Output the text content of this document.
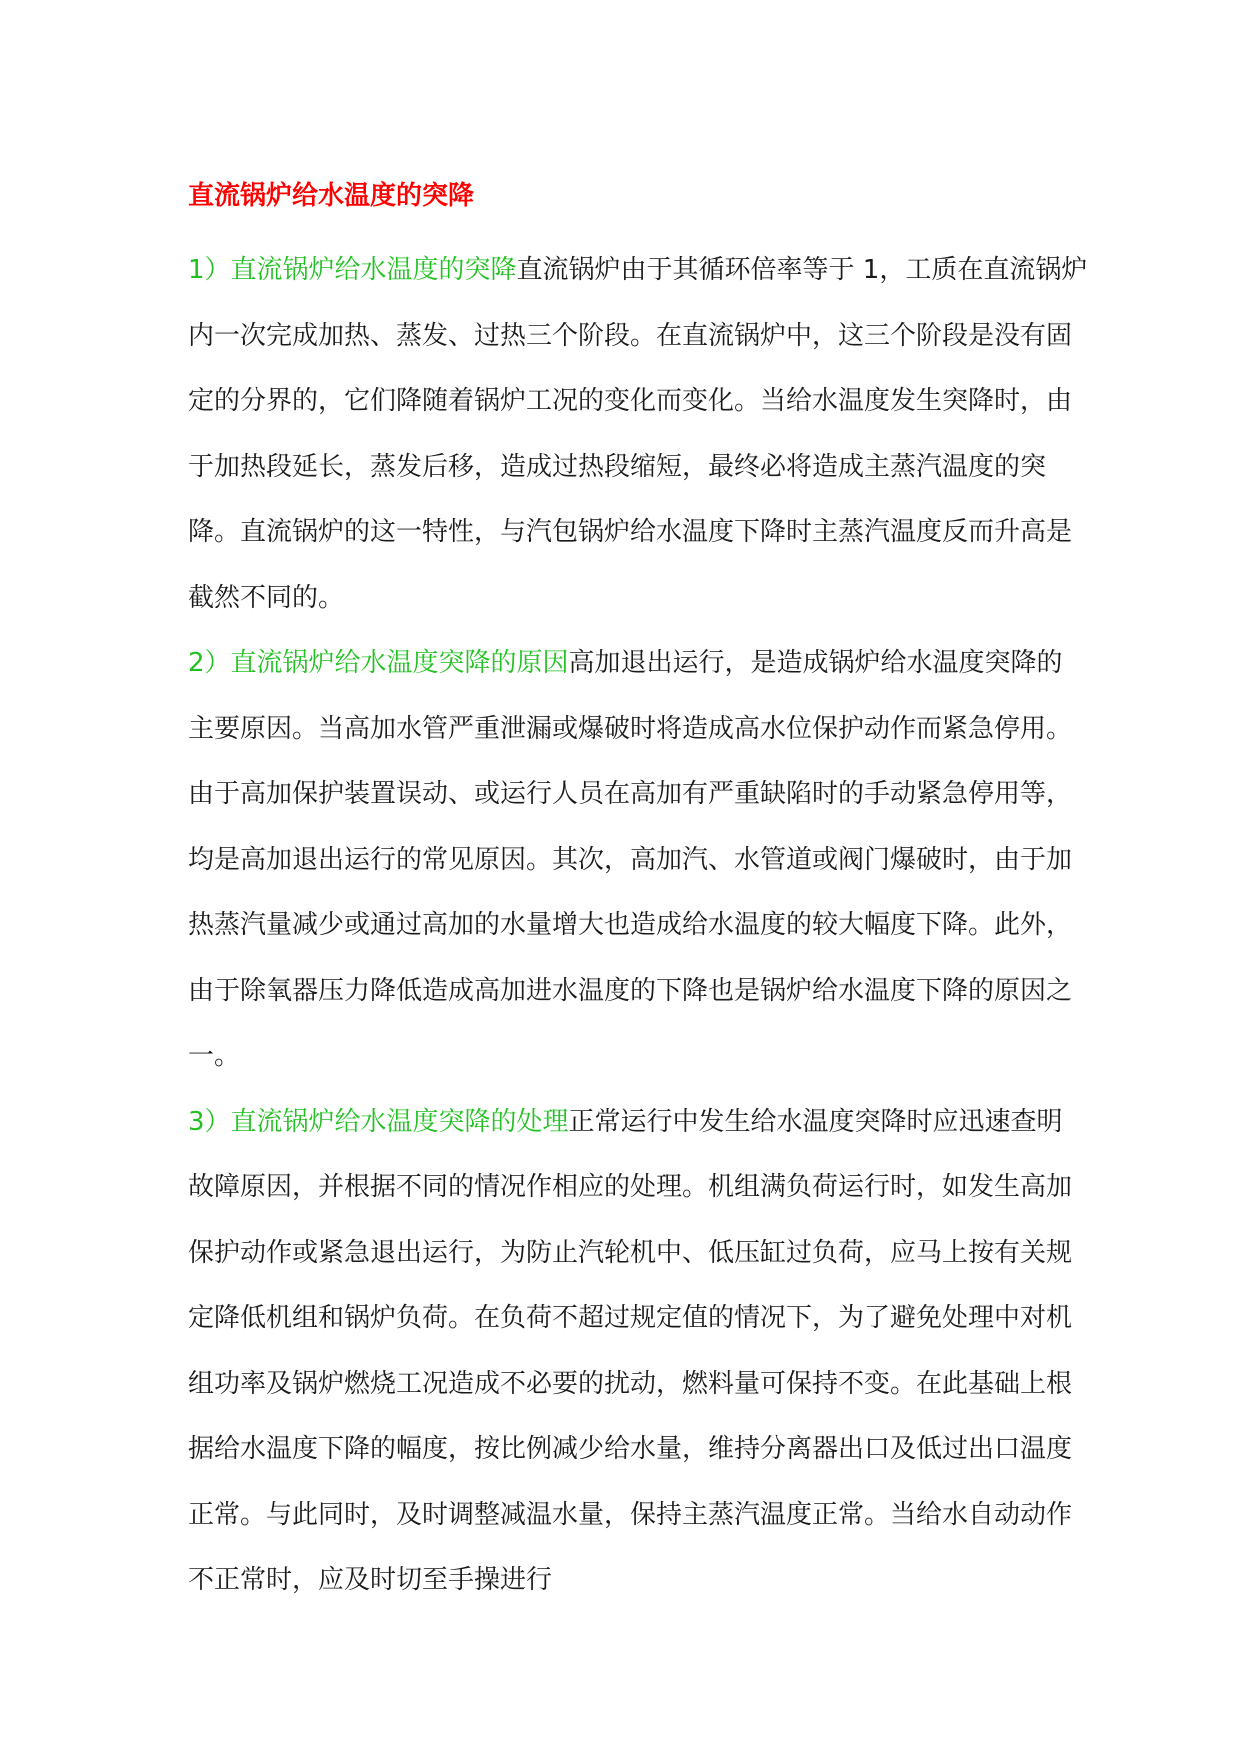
直流锅炉给水温度的突降

1）直流锅炉给水温度的突降直流锅炉由于其循环倍率等于 1，工质在直流锅炉内一次完成加热、蒸发、过热三个阶段。在直流锅炉中，这三个阶段是没有固定的分界的，它们降随着锅炉工况的变化而变化。当给水温度发生突降时，由于加热段延长，蒸发后移，造成过热段缩短，最终必将造成主蒸汽温度的突降。直流锅炉的这一特性，与汽包锅炉给水温度下降时主蒸汽温度反而升高是截然不同的。

2）直流锅炉给水温度突降的原因高加退出运行，是造成锅炉给水温度突降的主要原因。当高加水管严重泄漏或爆破时将造成高水位保护动作而紧急停用。由于高加保护装置误动、或运行人员在高加有严重缺陷时的手动紧急停用等，均是高加退出运行的常见原因。其次，高加汽、水管道或阀门爆破时，由于加热蒸汽量减少或通过高加的水量增大也造成给水温度的较大幅度下降。此外，由于除氧器压力降低造成高加进水温度的下降也是锅炉给水温度下降的原因之一。

3）直流锅炉给水温度突降的处理正常运行中发生给水温度突降时应迅速查明故障原因，并根据不同的情况作相应的处理。机组满负荷运行时，如发生高加保护动作或紧急退出运行，为防止汽轮机中、低压缸过负荷，应马上按有关规定降低机组和锅炉负荷。在负荷不超过规定值的情况下，为了避免处理中对机组功率及锅炉燃烧工况造成不必要的扰动，燃料量可保持不变。在此基础上根据给水温度下降的幅度，按比例减少给水量，维持分离器出口及低过出口温度正常。与此同时，及时调整减温水量，保持主蒸汽温度正常。当给水自动动作不正常时，应及时切至手操进行
